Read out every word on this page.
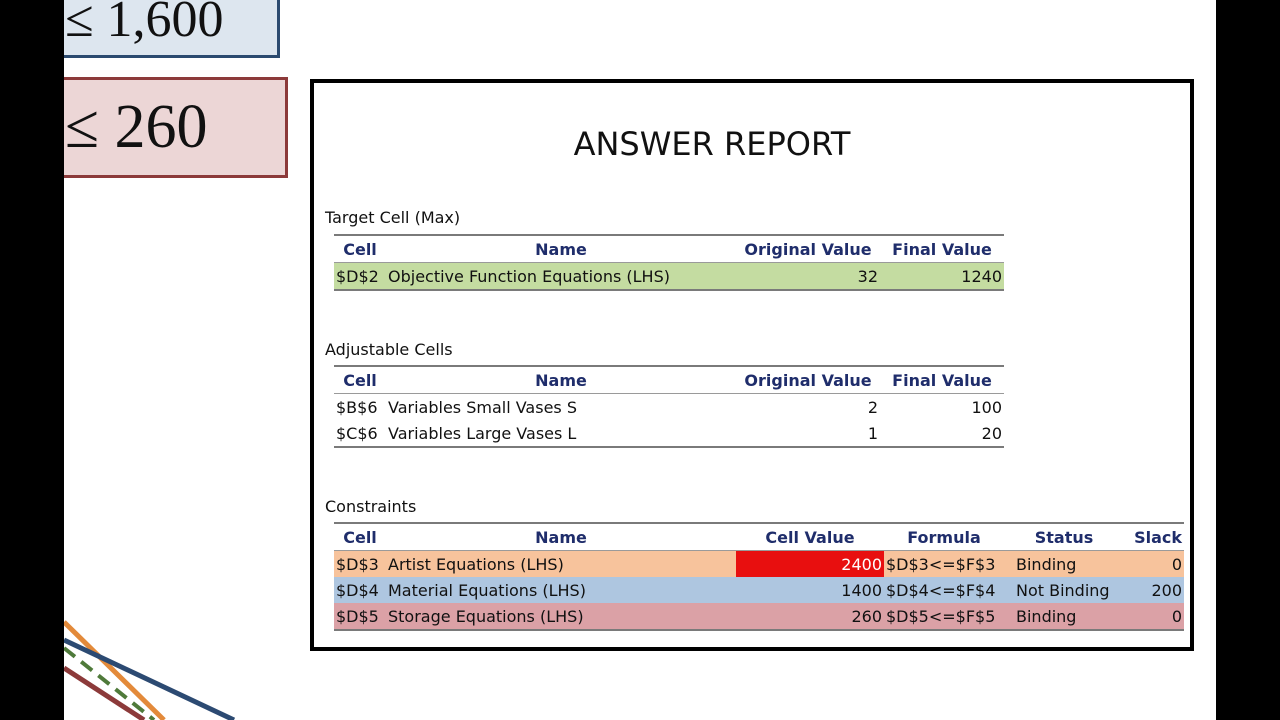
≤ 1,600
≤ 260	ANSWER REPORT
Target Cell (Max)
Cell	Name	Original Value	Final Value
$D$2	Objective Function Equations (LHS)	32	1240
Adjustable Cells
Cell	Name	Original Value	Final Value
$B$6	Variables Small Vases S	2	100
$C$6	Variables Large Vases L	1	20
Constraints
Cell	Name	Cell Value	Formula	Status	Slack
$D$3	Artist Equations (LHS)	2400	$D$3<=$F$3	Binding	0
$D$4	Material Equations (LHS)	1400	$D$4<=$F$4	Not Binding	200
$D$5	Storage Equations (LHS)	260	$D$5<=$F$5	Binding	0
